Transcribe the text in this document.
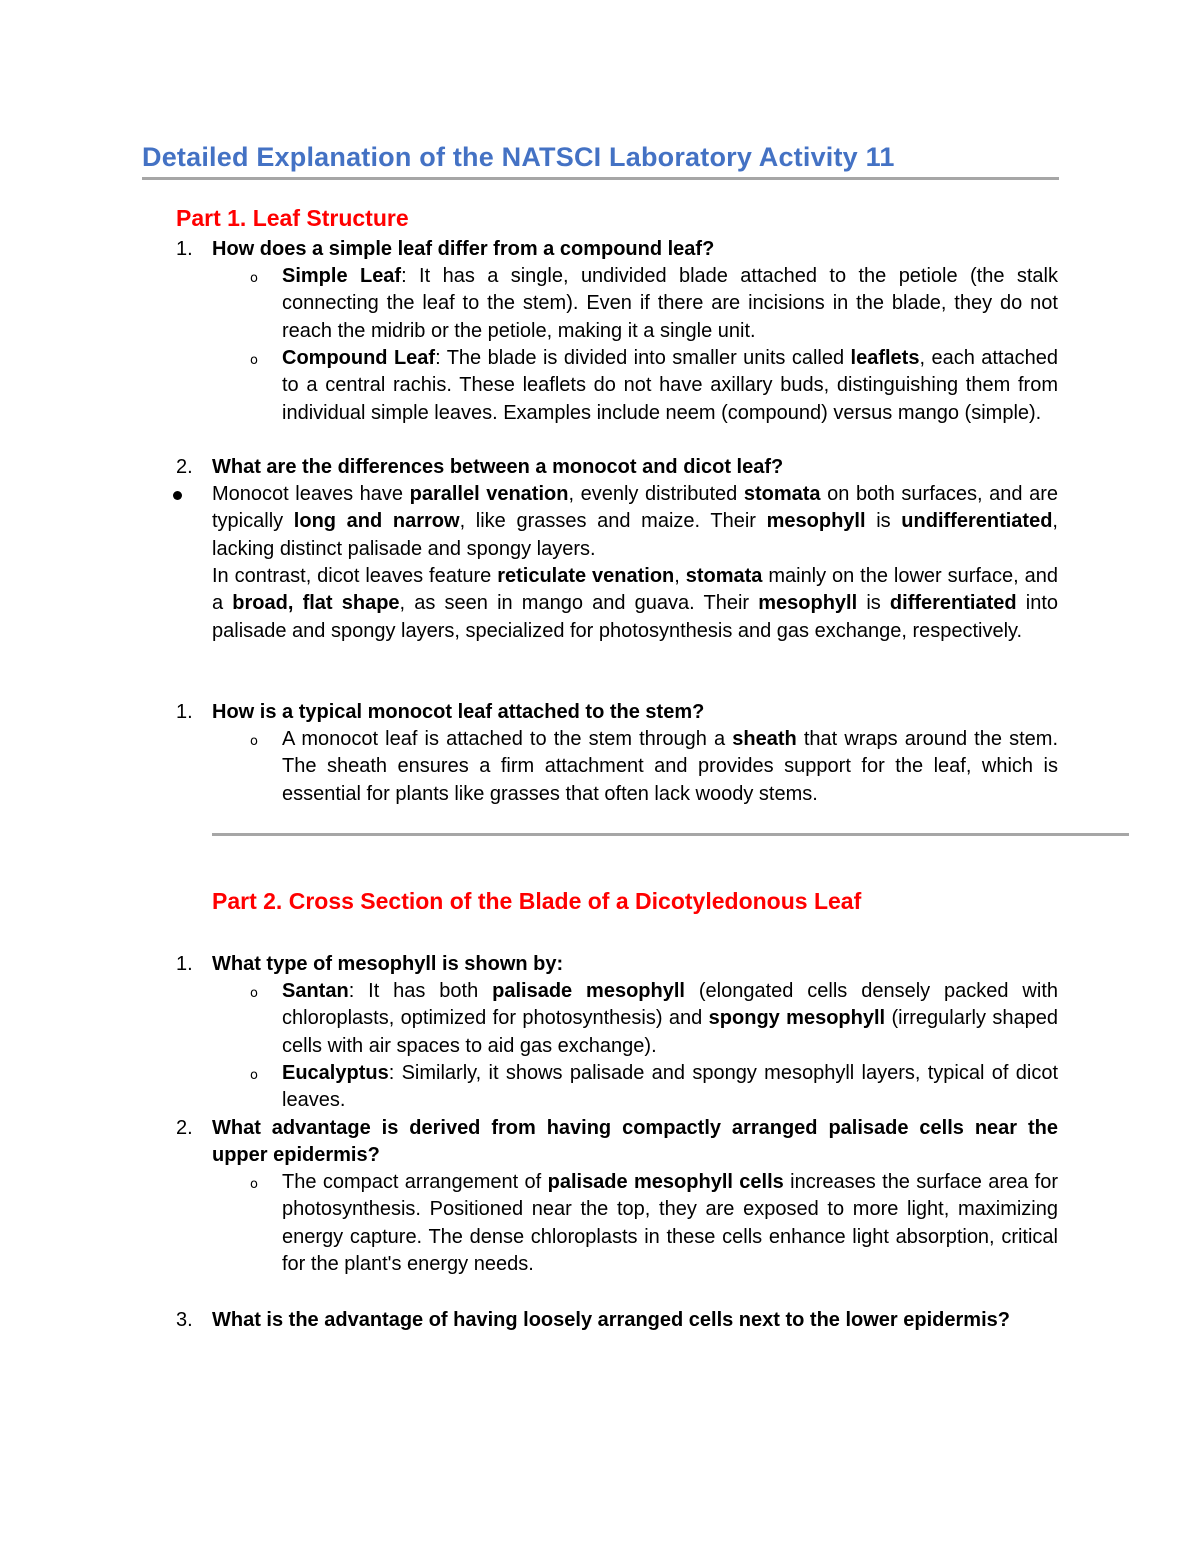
Detailed Explanation of the NATSCI Laboratory Activity 11
Part 1. Leaf Structure
1. How does a simple leaf differ from a compound leaf?
o Simple Leaf: It has a single, undivided blade attached to the petiole (the stalk connecting the leaf to the stem). Even if there are incisions in the blade, they do not reach the midrib or the petiole, making it a single unit.
o Compound Leaf: The blade is divided into smaller units called leaflets, each attached to a central rachis. These leaflets do not have axillary buds, distinguishing them from individual simple leaves. Examples include neem (compound) versus mango (simple).
2. What are the differences between a monocot and dicot leaf?
Monocot leaves have parallel venation, evenly distributed stomata on both surfaces, and are typically long and narrow, like grasses and maize. Their mesophyll is undifferentiated, lacking distinct palisade and spongy layers.
In contrast, dicot leaves feature reticulate venation, stomata mainly on the lower surface, and a broad, flat shape, as seen in mango and guava. Their mesophyll is differentiated into palisade and spongy layers, specialized for photosynthesis and gas exchange, respectively.
1. How is a typical monocot leaf attached to the stem?
o A monocot leaf is attached to the stem through a sheath that wraps around the stem. The sheath ensures a firm attachment and provides support for the leaf, which is essential for plants like grasses that often lack woody stems.
Part 2. Cross Section of the Blade of a Dicotyledonous Leaf
1. What type of mesophyll is shown by:
o Santan: It has both palisade mesophyll (elongated cells densely packed with chloroplasts, optimized for photosynthesis) and spongy mesophyll (irregularly shaped cells with air spaces to aid gas exchange).
o Eucalyptus: Similarly, it shows palisade and spongy mesophyll layers, typical of dicot leaves.
2. What advantage is derived from having compactly arranged palisade cells near the upper epidermis?
o The compact arrangement of palisade mesophyll cells increases the surface area for photosynthesis. Positioned near the top, they are exposed to more light, maximizing energy capture. The dense chloroplasts in these cells enhance light absorption, critical for the plant's energy needs.
3. What is the advantage of having loosely arranged cells next to the lower epidermis?
